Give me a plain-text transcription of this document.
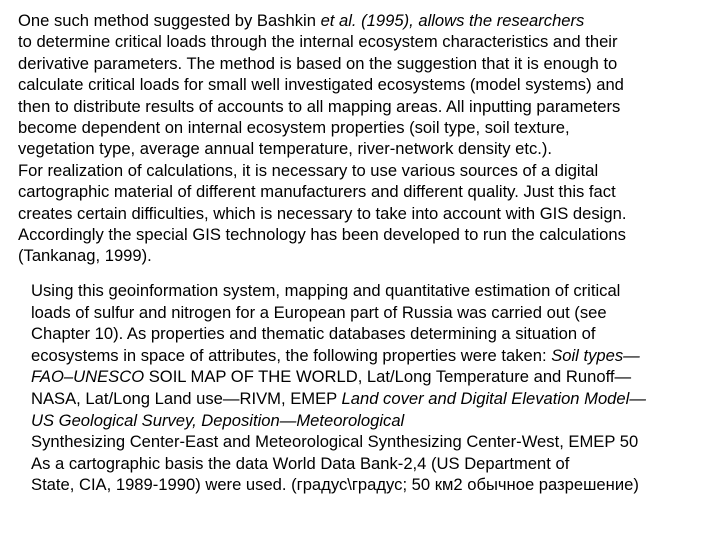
One such method suggested by Bashkin et al. (1995), allows the researchers
to determine critical loads through the internal ecosystem characteristics and their
derivative parameters. The method is based on the suggestion that it is enough to
calculate critical loads for small well investigated ecosystems (model systems) and
then to distribute results of accounts to all mapping areas. All inputting parameters
become dependent on internal ecosystem properties (soil type, soil texture,
vegetation type, average annual temperature, river-network density etc.).
For realization of calculations, it is necessary to use various sources of a digital
cartographic material of different manufacturers and different quality. Just this fact
creates certain difficulties, which is necessary to take into account with GIS design.
Accordingly the special GIS technology has been developed to run the calculations
(Tankanag, 1999).
Using this geoinformation system, mapping and quantitative estimation of critical
loads of sulfur and nitrogen for a European part of Russia was carried out (see
Chapter 10). As properties and thematic databases determining a situation of
ecosystems in space of attributes, the following properties were taken: Soil types—
FAO–UNESCO SOIL MAP OF THE WORLD, Lat/Long Temperature and Runoff—
NASA, Lat/Long Land use—RIVM, EMEP Land cover and Digital Elevation Model—
US Geological Survey, Deposition—Meteorological
Synthesizing Center-East and Meteorological Synthesizing Center-West, EMEP 50
As a cartographic basis the data World Data Bank-2,4 (US Department of
State, CIA, 1989-1990) were used. (градус\градус; 50 км2 обычное разрешение)
